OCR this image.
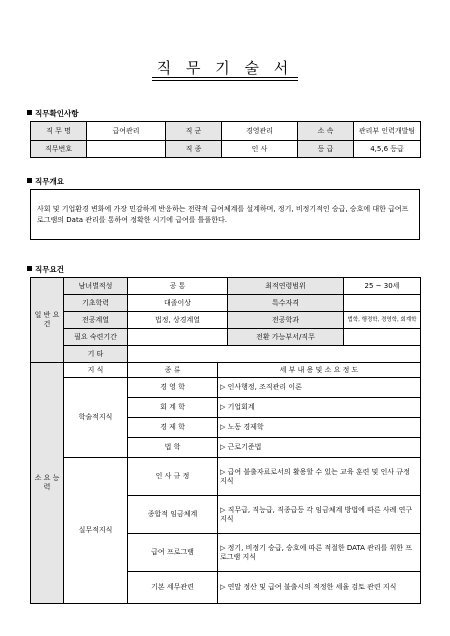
직 무 기 술 서
직무확인사항
직 무 명	급여관리	직 군	경영관리	소 속	관리부 인력개발팀
직무번호		직 종	인 사	등 급	4,5,6 등급
직무개요
사회 및 기업환경 변화에 가장 민감하게 반응하는 전략적 급여체계를 설계하며, 정기, 비정기적인 승급, 승호에 대한 급여프로그램의 Data 관리를 통하여 정확한 시기에 급여를 틀풀한다.
직무요건
일 반 요 건	남녀별적성	공 통	최적연령범위	25 ~ 30세
	기초학력	대졸이상	특수자격	
	전공계열	법정, 상경계열	전공학과	법학, 행정학, 경영학, 회계학
	필요 숙련기간		전환 가능부서/직무	
	기 타			
소 요 능 력	지 식	종 류	세 부 내 용 및 소 요 정 도
	학술적지식	경 영 학	▷ 인사행정, 조직관리 이론
		회 계 학	▷ 기업회계
		경 제 학	▷ 노동 경제학
		법 학	▷ 근로기준법
	실무적지식	인 사 규 정	▷ 급여 불출자료로서의 활용할 수 있는 교육 훈련 및 인사 규정 지식
		종합적 임금체계	▷ 직무급, 직능급, 직종급등 각 임금체계 방법에 따른 사례 연구 지식
		급여 프로그램	▷ 정기, 비정기 승급, 승호에 따른 적절한 DATA 관리를 위한 프로그램 지식
		기본 세무관련	▷ 연말 정산 및 급여 불출시의 적정한 세율 검토 관련 지식
